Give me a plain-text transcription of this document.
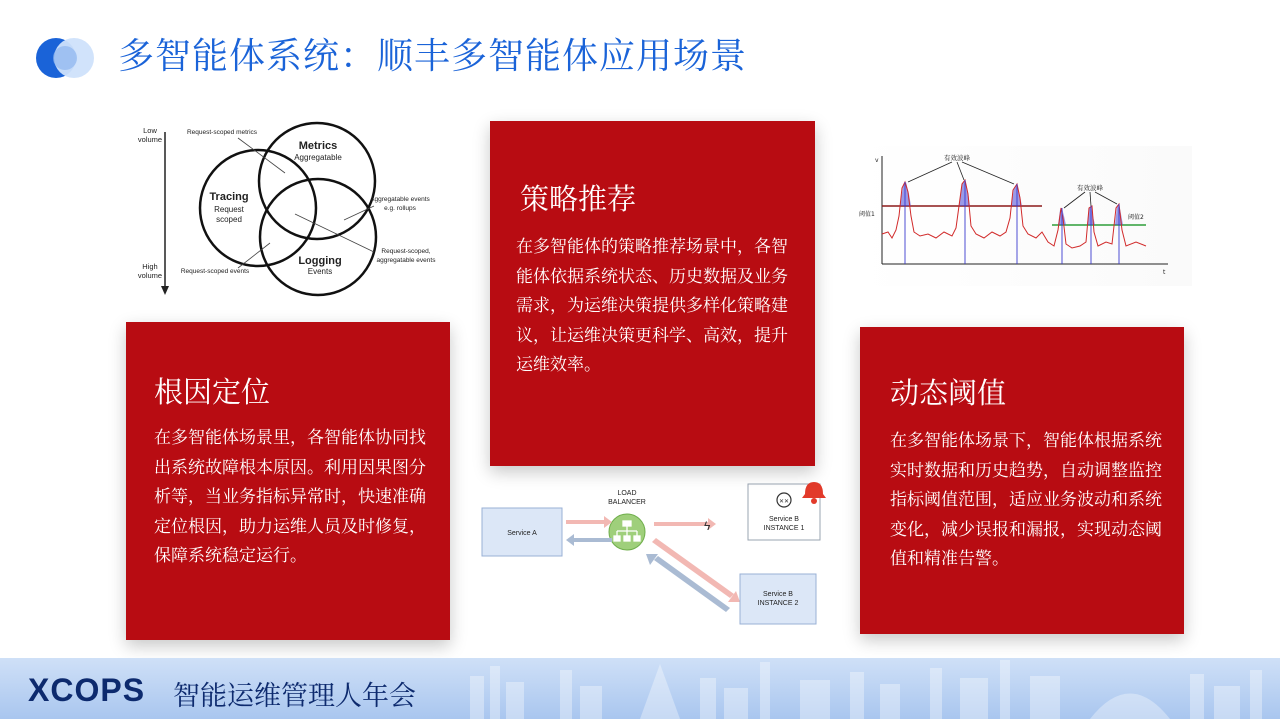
多智能体系统：顺丰多智能体应用场景
Low
volume
High
volume
Metrics
Aggregatable
Tracing
Request
scoped
Logging
Events
Request-scoped metrics
Aggregatable events
e.g. rollups
Request-scoped,
aggregatable events
Request-scoped events
v
t
阈值1	阈值2
有效波峰
有效波峰
Service A
LOAD
BALANCER
ϟ
✕✕
Service B
INSTANCE 1
Service B
INSTANCE 2
策略推荐
在多智能体的策略推荐场景中，各智能体依据系统状态、历史数据及业务需求，为运维决策提供多样化策略建议，让运维决策更科学、高效，提升运维效率。
根因定位
在多智能体场景里，各智能体协同找出系统故障根本原因。利用因果图分析等，当业务指标异常时，快速准确定位根因，助力运维人员及时修复，保障系统稳定运行。
动态阈值
在多智能体场景下，智能体根据系统实时数据和历史趋势，自动调整监控指标阈值范围，适应业务波动和系统变化，减少误报和漏报，实现动态阈值和精准告警。
XCOPS 智能运维管理人年会
